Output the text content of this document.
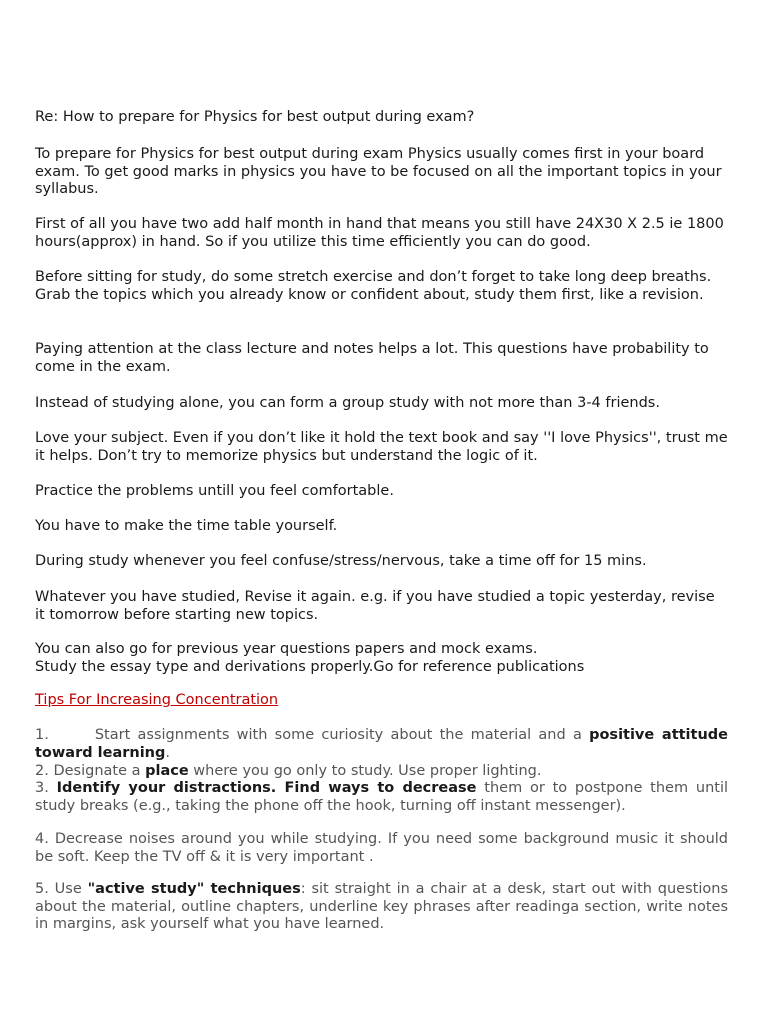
Re: How to prepare for Physics for best output during exam?
To prepare for Physics for best output during exam Physics usually comes first in your board exam. To get good marks in physics you have to be focused on all the important topics in your syllabus.
First of all you have two add half month in hand that means you still have 24X30 X 2.5 ie 1800 hours(approx) in hand. So if you utilize this time efficiently you can do good.
Before sitting for study, do some stretch exercise and don’t forget to take long deep breaths. Grab the topics which you already know or confident about, study them first, like a revision.
Paying attention at the class lecture and notes helps a lot. This questions have probability to come in the exam.
Instead of studying alone, you can form a group study with not more than 3-4 friends.
Love your subject. Even if you don’t like it hold the text book and say ''I love Physics'', trust me it helps. Don’t try to memorize physics but understand the logic of it.
Practice the problems untill you feel comfortable.
You have to make the time table yourself.
During study whenever you feel confuse/stress/nervous, take a time off for 15 mins.
Whatever you have studied, Revise it again. e.g. if you have studied a topic yesterday, revise it tomorrow before starting new topics.
You can also go for previous year questions papers and mock exams.
Study the essay type and derivations properly.Go for reference publications
Tips For Increasing Concentration
1.	Start assignments with some curiosity about the material and a positive attitude toward learning.
2. Designate a place where you go only to study. Use proper lighting.
3. Identify your distractions. Find ways to decrease them or to postpone them until study breaks (e.g., taking the phone off the hook, turning off instant messenger).
4. Decrease noises around you while studying. If you need some background music it should be soft. Keep the TV off & it is very important .
5. Use "active study" techniques: sit straight in a chair at a desk, start out with questions about the material, outline chapters, underline key phrases after readinga section, write notes in margins, ask yourself what you have learned.
